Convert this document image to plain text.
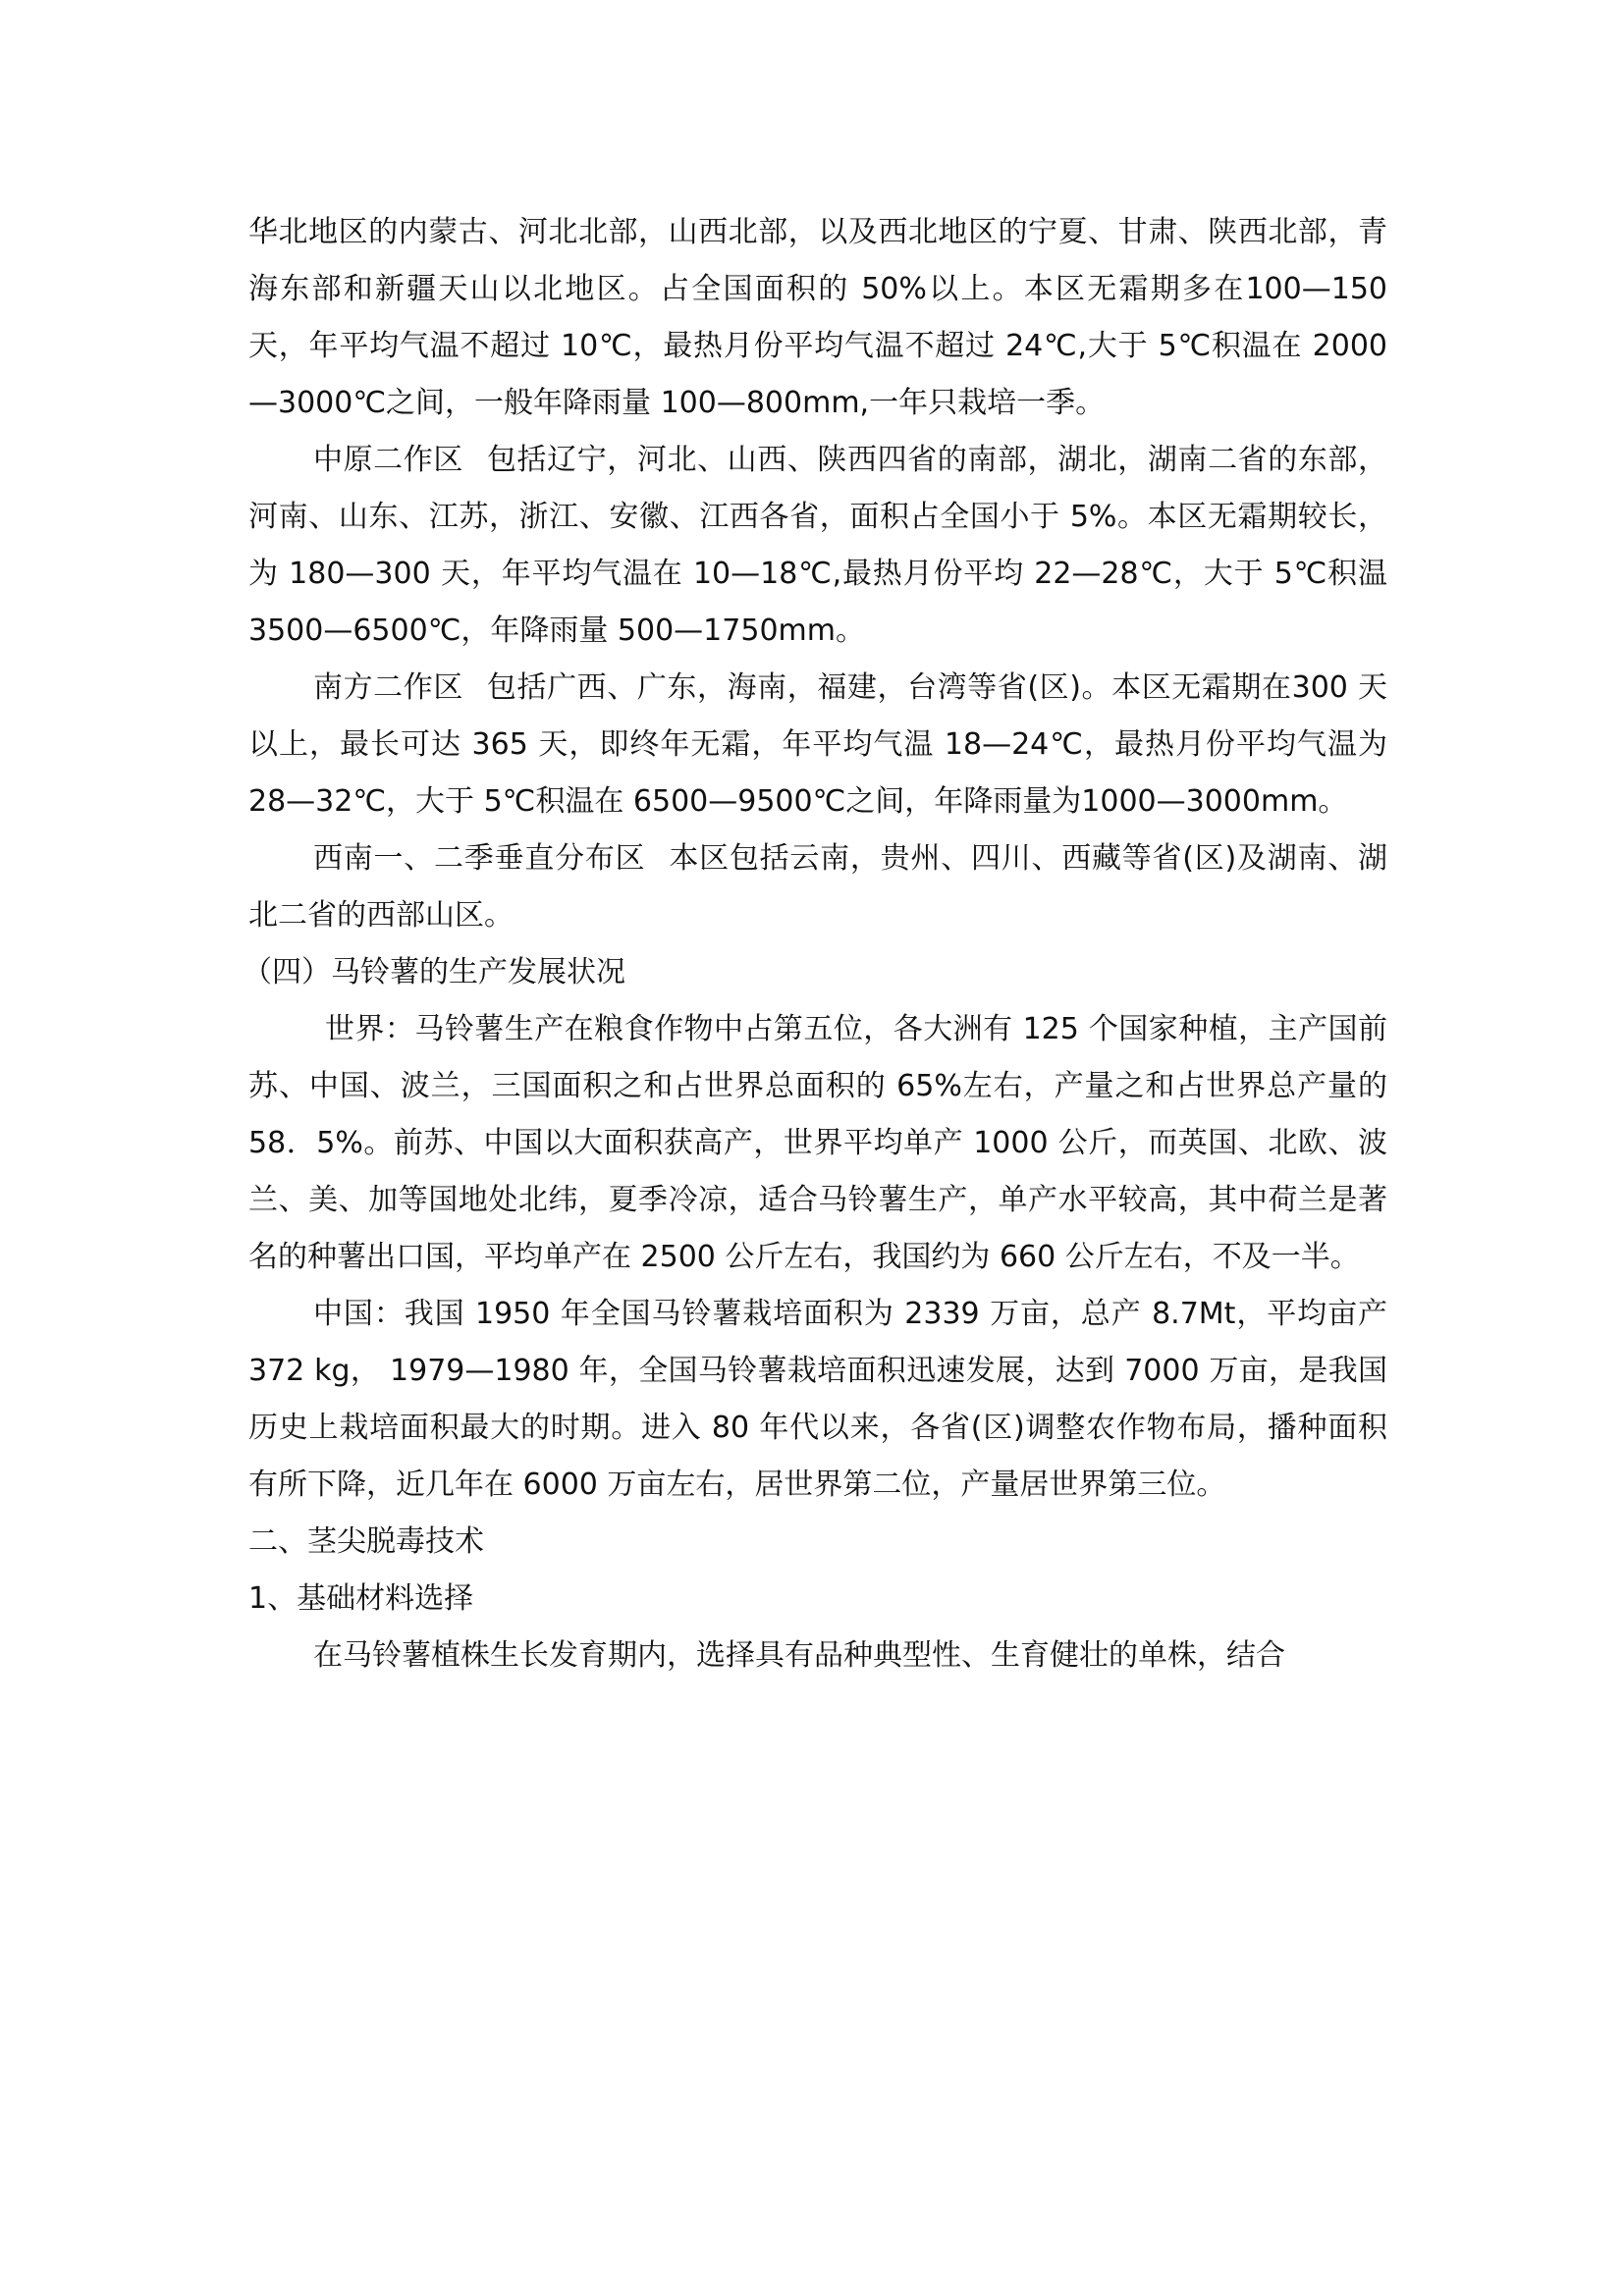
华北地区的内蒙古、河北北部，山西北部，以及西北地区的宁夏、甘肃、陕西北部，青海东部和新疆天山以北地区。占全国面积的 50%以上。本区无霜期多在100—150 天，年平均气温不超过 10℃，最热月份平均气温不超过 24℃,大于 5℃积温在 2000—3000℃之间，一般年降雨量 100—800mm,一年只栽培一季。

中原二作区 包括辽宁，河北、山西、陕西四省的南部，湖北，湖南二省的东部，河南、山东、江苏，浙江、安徽、江西各省，面积占全国小于 5%。本区无霜期较长，为 180—300 天，年平均气温在 10—18℃,最热月份平均 22—28℃，大于 5℃积温 3500—6500℃，年降雨量 500—1750mm。

南方二作区 包括广西、广东，海南，福建，台湾等省(区)。本区无霜期在300 天以上，最长可达 365 天，即终年无霜，年平均气温 18—24℃，最热月份平均气温为 28—32℃，大于 5℃积温在 6500—9500℃之间，年降雨量为1000—3000mm。

西南一、二季垂直分布区 本区包括云南，贵州、四川、西藏等省(区)及湖南、湖北二省的西部山区。

（四）马铃薯的生产发展状况

世界：马铃薯生产在粮食作物中占第五位，各大洲有 125 个国家种植，主产国前苏、中国、波兰，三国面积之和占世界总面积的 65%左右，产量之和占世界总产量的 58．5%。前苏、中国以大面积获高产，世界平均单产 1000 公斤，而英国、北欧、波兰、美、加等国地处北纬，夏季冷凉，适合马铃薯生产，单产水平较高，其中荷兰是著名的种薯出口国，平均单产在 2500 公斤左右，我国约为 660 公斤左右，不及一半。

中国：我国 1950 年全国马铃薯栽培面积为 2339 万亩，总产 8.7Mt，平均亩产 372 kg， 1979—1980 年，全国马铃薯栽培面积迅速发展，达到 7000 万亩，是我国历史上栽培面积最大的时期。进入 80 年代以来，各省(区)调整农作物布局，播种面积有所下降，近几年在 6000 万亩左右，居世界第二位，产量居世界第三位。

二、茎尖脱毒技术

1、基础材料选择

在马铃薯植株生长发育期内，选择具有品种典型性、生育健壮的单株，结合
